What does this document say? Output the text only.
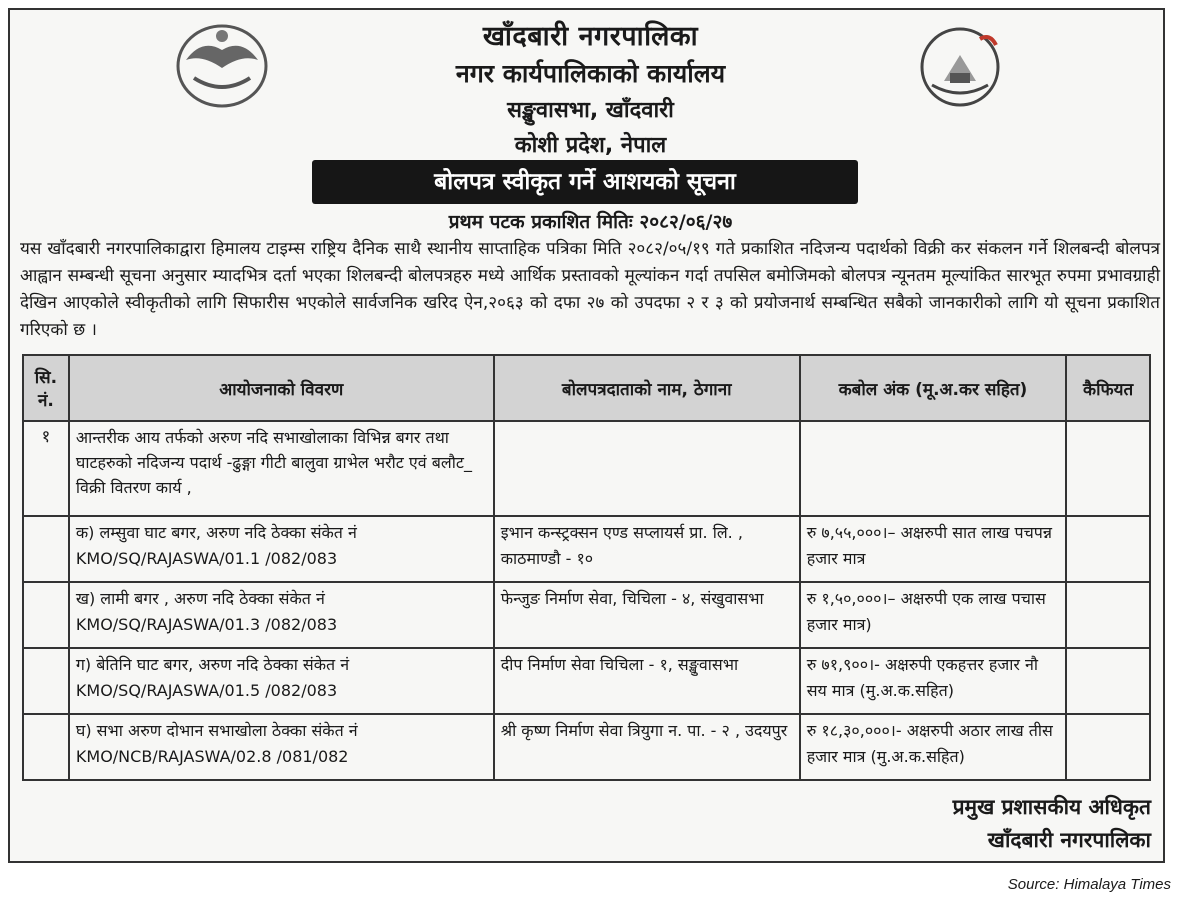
खाँदबारी नगरपालिका
नगर कार्यपालिकाको कार्यालय
सङ्खुवासभा, खाँदवारी
कोशी प्रदेश, नेपाल
बोलपत्र स्वीकृत गर्ने आशयको सूचना
प्रथम पटक प्रकाशित मितिः २०८२/०६/२७
यस खाँदबारी नगरपालिकाद्वारा हिमालय टाइम्स राष्ट्रिय दैनिक साथै स्थानीय साप्ताहिक पत्रिका मिति २०८२/०५/१९ गते प्रकाशित नदिजन्य पदार्थको विक्री कर संकलन गर्ने शिलबन्दी बोलपत्र आह्वान सम्बन्धी सूचना अनुसार म्यादभित्र दर्ता भएका शिलबन्दी बोलपत्रहरु मध्ये आर्थिक प्रस्तावको मूल्यांकन गर्दा तपसिल बमोजिमको बोलपत्र न्यूनतम मूल्यांकित सारभूत रुपमा प्रभावग्राही देखिन आएकोले स्वीकृतीको लागि सिफारीस भएकोले सार्वजनिक खरिद ऐन,२०६३ को दफा २७ को उपदफा २ र ३ को प्रयोजनार्थ सम्बन्धित सबैको जानकारीको लागि यो सूचना प्रकाशित गरिएको छ ।
सि. नं.	आयोजनाको विवरण	बोलपत्रदाताको नाम, ठेगाना	कबोल अंक (मू.अ.कर सहित)	कैफियत
१	आन्तरीक आय तर्फको अरुण नदि सभाखोलाका विभिन्न बगर तथा घाटहरुको नदिजन्य पदार्थ -ढुङ्गा गीटी बालुवा ग्राभेल भरौट एवं बलौट_ विक्री वितरण कार्य ,			
	क) लम्सुवा घाट बगर, अरुण नदि ठेक्का संकेत नं KMO/SQ/RAJASWA/01.1 /082/083	इभान कन्स्ट्रक्सन एण्ड सप्लायर्स प्रा. लि. , काठमाण्डौ - १०	रु ७,५५,०००।– अक्षरुपी सात लाख पचपन्न हजार मात्र	
	ख) लामी बगर , अरुण नदि ठेक्का संकेत नं KMO/SQ/RAJASWA/01.3 /082/083	फेन्जुङ निर्माण सेवा, चिचिला - ४, संखुवासभा	रु १,५०,०००।– अक्षरुपी एक लाख पचास हजार मात्र)	
	ग) बेतिनि घाट बगर, अरुण नदि ठेक्का संकेत नं KMO/SQ/RAJASWA/01.5 /082/083	दीप निर्माण सेवा चिचिला - १, सङ्खुवासभा	रु ७१,९००।- अक्षरुपी एकहत्तर हजार नौ सय मात्र (मु.अ.क.सहित)	
	घ) सभा अरुण दोभान सभाखोला ठेक्का संकेत नं KMO/NCB/RAJASWA/02.8 /081/082	श्री कृष्ण निर्माण सेवा त्रियुगा न. पा. - २ , उदयपुर	रु १८,३०,०००।- अक्षरुपी अठार लाख तीस हजार मात्र (मु.अ.क.सहित)	
प्रमुख प्रशासकीय अधिकृत
खाँदबारी नगरपालिका
Source: Himalaya Times
